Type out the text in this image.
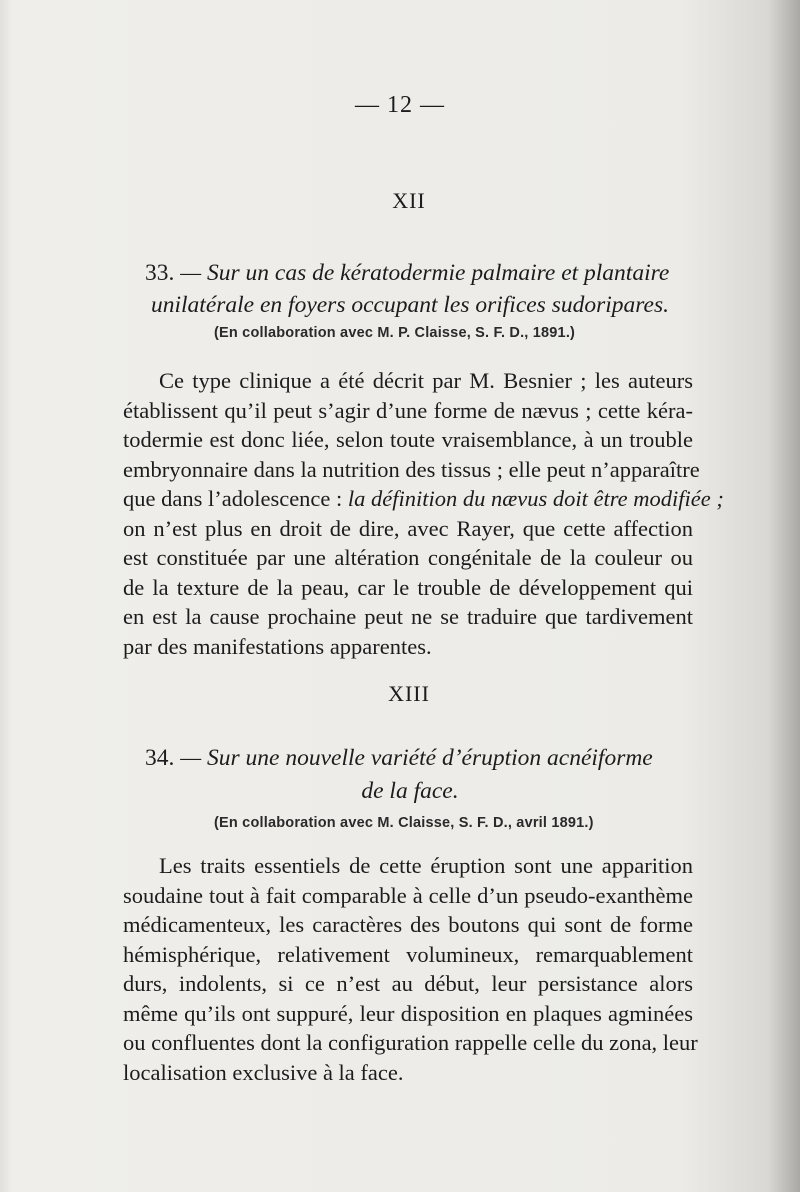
— 12 —
XII
33. — Sur un cas de kératodermie palmaire et plantaire
unilatérale en foyers occupant les orifices sudoripares.
(En collaboration avec M. P. Claisse, S. F. D., 1891.)
Ce type clinique a été décrit par M. Besnier ; les auteurs
établissent qu’il peut s’agir d’une forme de nævus ; cette kéra-
todermie est donc liée, selon toute vraisemblance, à un trouble
embryonnaire dans la nutrition des tissus ; elle peut n’apparaître
que dans l’adolescence : la définition du nævus doit être modifiée ;
on n’est plus en droit de dire, avec Rayer, que cette affection
est constituée par une altération congénitale de la couleur ou
de la texture de la peau, car le trouble de développement qui
en est la cause prochaine peut ne se traduire que tardivement
par des manifestations apparentes.
XIII
34. — Sur une nouvelle variété d’éruption acnéiforme
de la face.
(En collaboration avec M. Claisse, S. F. D., avril 1891.)
Les traits essentiels de cette éruption sont une apparition
soudaine tout à fait comparable à celle d’un pseudo-exanthème
médicamenteux, les caractères des boutons qui sont de forme
hémisphérique, relativement volumineux, remarquablement
durs, indolents, si ce n’est au début, leur persistance alors
même qu’ils ont suppuré, leur disposition en plaques agminées
ou confluentes dont la configuration rappelle celle du zona, leur
localisation exclusive à la face.
